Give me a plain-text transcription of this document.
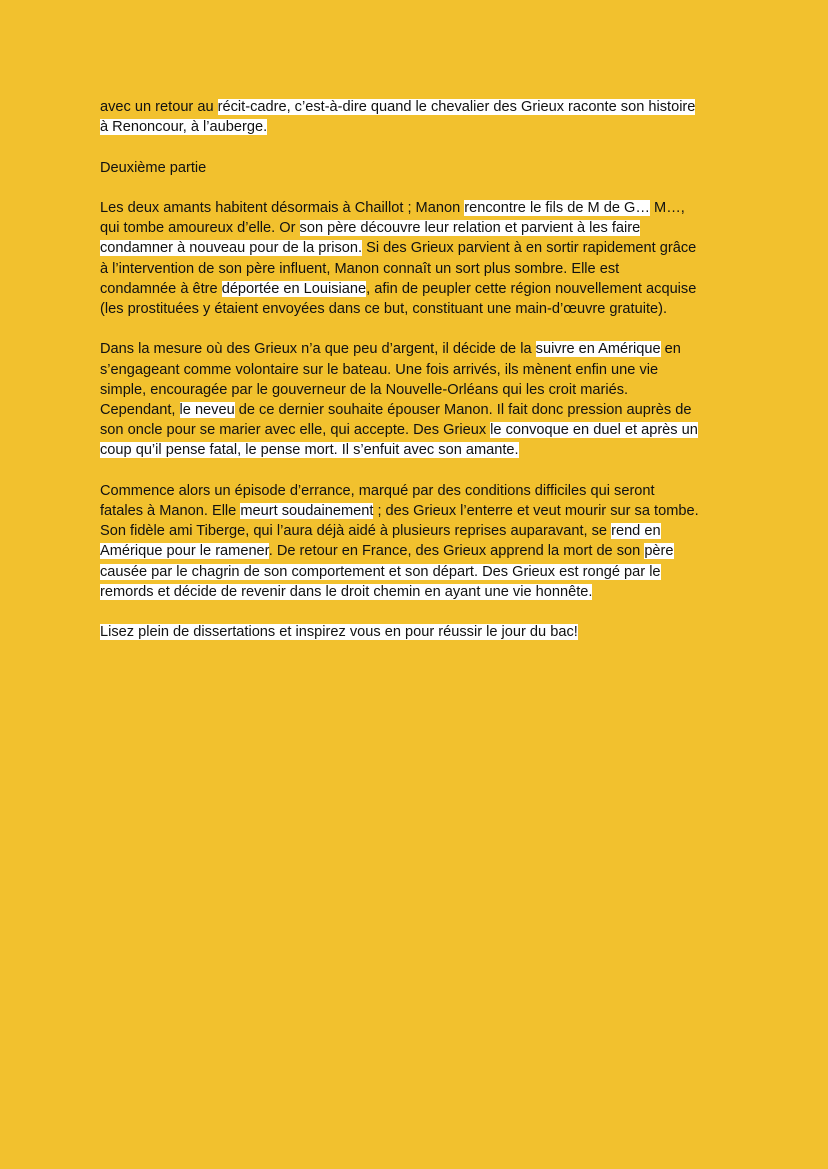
avec un retour au récit-cadre, c’est-à-dire quand le chevalier des Grieux raconte son histoire
à Renoncour, à l’auberge.

Deuxième partie

Les deux amants habitent désormais à Chaillot ; Manon rencontre le fils de M de G… M…,
qui tombe amoureux d’elle. Or son père découvre leur relation et parvient à les faire
condamner à nouveau pour de la prison. Si des Grieux parvient à en sortir rapidement grâce
à l’intervention de son père influent, Manon connaît un sort plus sombre. Elle est
condamnée à être déportée en Louisiane, afin de peupler cette région nouvellement acquise
(les prostituées y étaient envoyées dans ce but, constituant une main-d’œuvre gratuite).

Dans la mesure où des Grieux n’a que peu d’argent, il décide de la suivre en Amérique en
s’engageant comme volontaire sur le bateau. Une fois arrivés, ils mènent enfin une vie
simple, encouragée par le gouverneur de la Nouvelle-Orléans qui les croit mariés.
Cependant, le neveu de ce dernier souhaite épouser Manon. Il fait donc pression auprès de
son oncle pour se marier avec elle, qui accepte. Des Grieux le convoque en duel et après un
coup qu’il pense fatal, le pense mort. Il s’enfuit avec son amante.

Commence alors un épisode d’errance, marqué par des conditions difficiles qui seront
fatales à Manon. Elle meurt soudainement ; des Grieux l’enterre et veut mourir sur sa tombe.
Son fidèle ami Tiberge, qui l’aura déjà aidé à plusieurs reprises auparavant, se rend en
Amérique pour le ramener. De retour en France, des Grieux apprend la mort de son père
causée par le chagrin de son comportement et son départ. Des Grieux est rongé par le
remords et décide de revenir dans le droit chemin en ayant une vie honnête.

Lisez plein de dissertations et inspirez vous en pour réussir le jour du bac!
